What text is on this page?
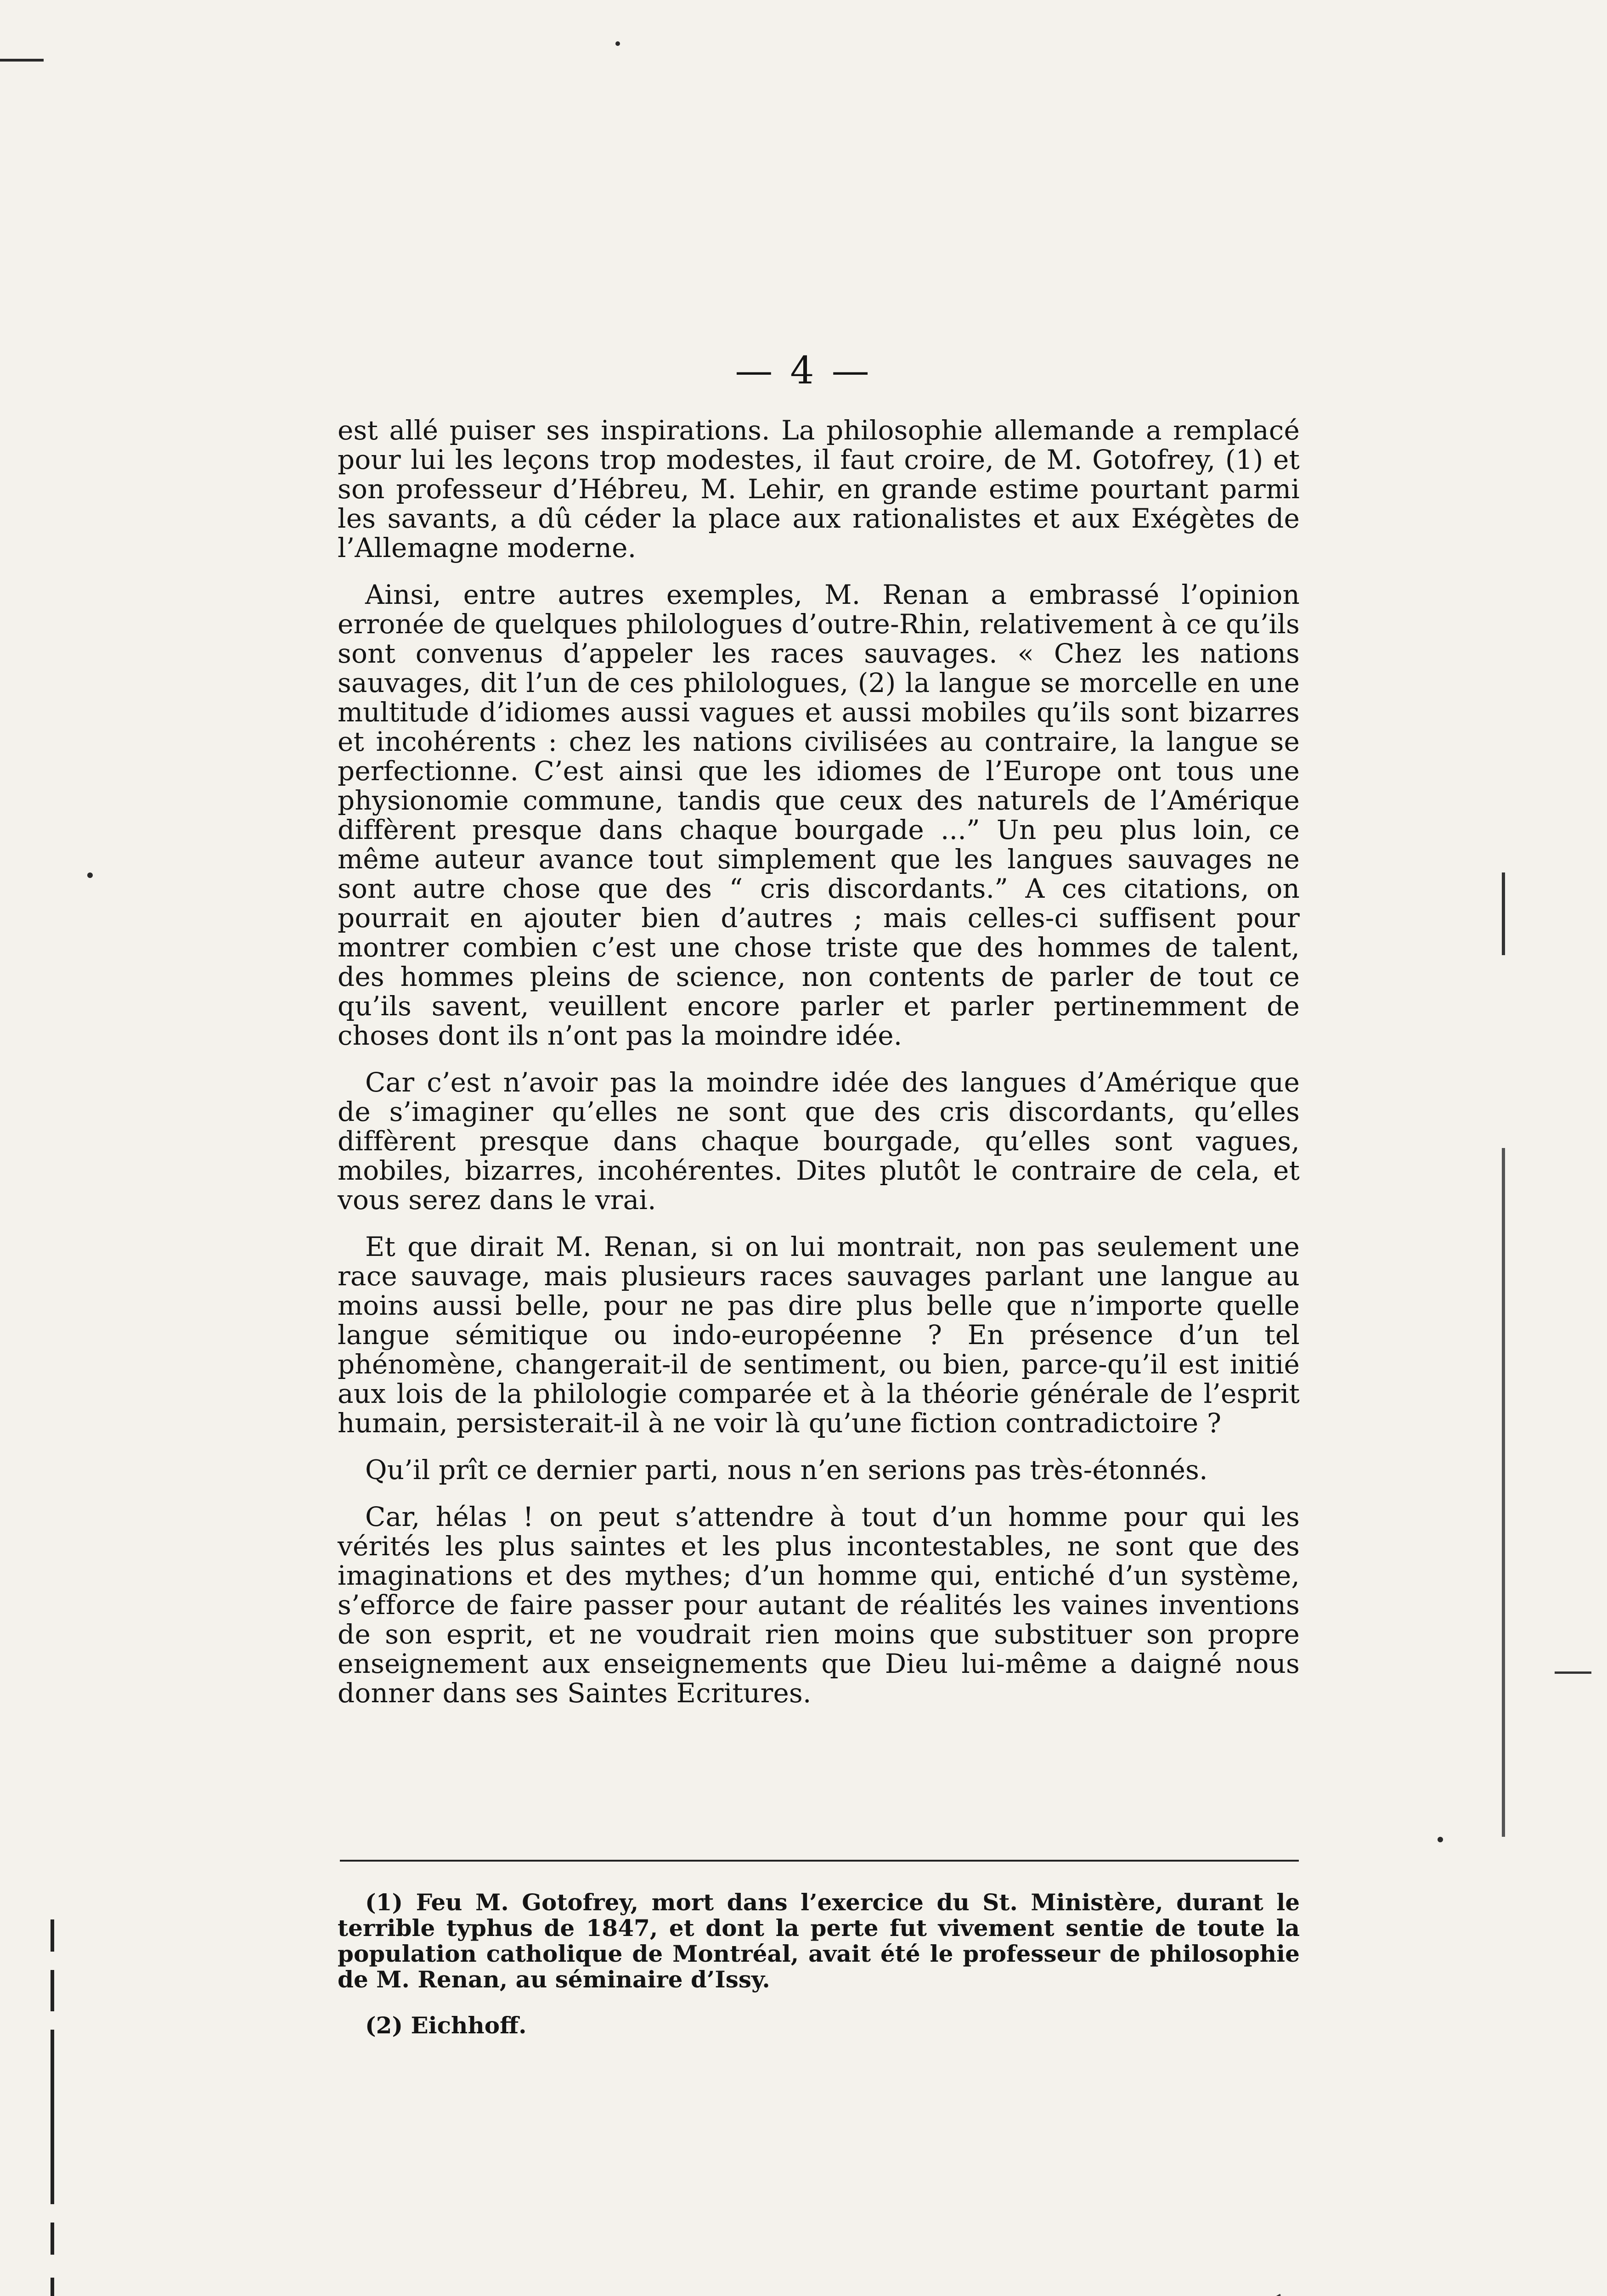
— 4 —

est allé puiser ses inspirations. La philosophie allemande a remplacé pour lui les leçons trop modestes, il faut croire, de M. Gotofrey, (1) et son professeur d’Hébreu, M. Lehir, en grande estime pourtant parmi les savants, a dû céder la place aux rationalistes et aux Exégètes de l’Allemagne moderne.

Ainsi, entre autres exemples, M. Renan a embrassé l’opinion erronée de quelques philologues d’outre-Rhin, relativement à ce qu’ils sont convenus d’appeler les races sauvages. « Chez les nations sauvages, dit l’un de ces philologues, (2) la langue se morcelle en une multitude d’idiomes aussi vagues et aussi mobiles qu’ils sont bizarres et incohérents : chez les nations civilisées au contraire, la langue se perfectionne. C’est ainsi que les idiomes de l’Europe ont tous une physionomie commune, tandis que ceux des naturels de l’Amérique diffèrent presque dans chaque bourgade ...” Un peu plus loin, ce même auteur avance tout simplement que les langues sauvages ne sont autre chose que des “ cris discordants.” A ces citations, on pourrait en ajouter bien d’autres ; mais celles-ci suffisent pour montrer combien c’est une chose triste que des hommes de talent, des hommes pleins de science, non contents de parler de tout ce qu’ils savent, veuillent encore parler et parler pertinemment de choses dont ils n’ont pas la moindre idée.

Car c’est n’avoir pas la moindre idée des langues d’Amérique que de s’imaginer qu’elles ne sont que des cris discordants, qu’elles diffèrent presque dans chaque bourgade, qu’elles sont vagues, mobiles, bizarres, incohérentes. Dites plutôt le contraire de cela, et vous serez dans le vrai.

Et que dirait M. Renan, si on lui montrait, non pas seulement une race sauvage, mais plusieurs races sauvages parlant une langue au moins aussi belle, pour ne pas dire plus belle que n’importe quelle langue sémitique ou indo-européenne ? En présence d’un tel phénomène, changerait-il de sentiment, ou bien, parce-qu’il est initié aux lois de la philologie comparée et à la théorie générale de l’esprit humain, persisterait-il à ne voir là qu’une fiction contradictoire ?

Qu’il prît ce dernier parti, nous n’en serions pas très-étonnés.

Car, hélas ! on peut s’attendre à tout d’un homme pour qui les vérités les plus saintes et les plus incontestables, ne sont que des imaginations et des mythes; d’un homme qui, entiché d’un système, s’efforce de faire passer pour autant de réalités les vaines inventions de son esprit, et ne voudrait rien moins que substituer son propre enseignement aux enseignements que Dieu lui-même a daigné nous donner dans ses Saintes Ecritures.

(1) Feu M. Gotofrey, mort dans l’exercice du St. Ministère, durant le terrible typhus de 1847, et dont la perte fut vivement sentie de toute la population catholique de Montréal, avait été le professeur de philosophie de M. Renan, au séminaire d’Issy.

(2) Eichhoff.
